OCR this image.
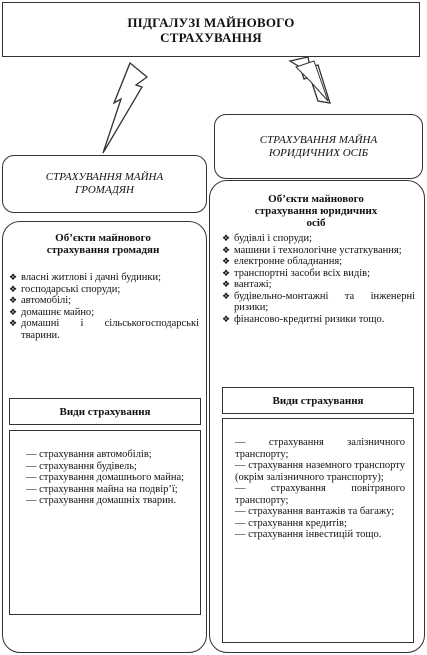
ПІДГАЛУЗІ МАЙНОВОГО СТРАХУВАННЯ
СТРАХУВАННЯ МАЙНА ГРОМАДЯН
СТРАХУВАННЯ МАЙНА ЮРИДИЧНИХ ОСІБ
Об’єкти майнового страхування громадян
❖ власні житлові і дачні будинки;
❖ господарські споруди;
❖ автомобілі;
❖ домашнє майно;
❖ домашні і сільськогосподарські тварини.
Види страхування
— страхування автомобілів;
— страхування будівель;
— страхування домашнього майна;
— страхування майна на подвір’ї;
— страхування домашніх тварин.
Об’єкти майнового страхування юридичних осіб
❖ будівлі і споруди;
❖ машини і технологічне устаткування;
❖ електронне обладнання;
❖ транспортні засоби всіх видів;
❖ вантажі;
❖ будівельно-монтажні та інженерні ризики;
❖ фінансово-кредитні ризики тощо.
Види страхування
— страхування залізничного транспорту;
— страхування наземного транспорту (окрім залізничного транспорту);
— страхування повітряного транспорту;
— страхування вантажів та багажу;
— страхування кредитів;
— страхування інвестицій тощо.
